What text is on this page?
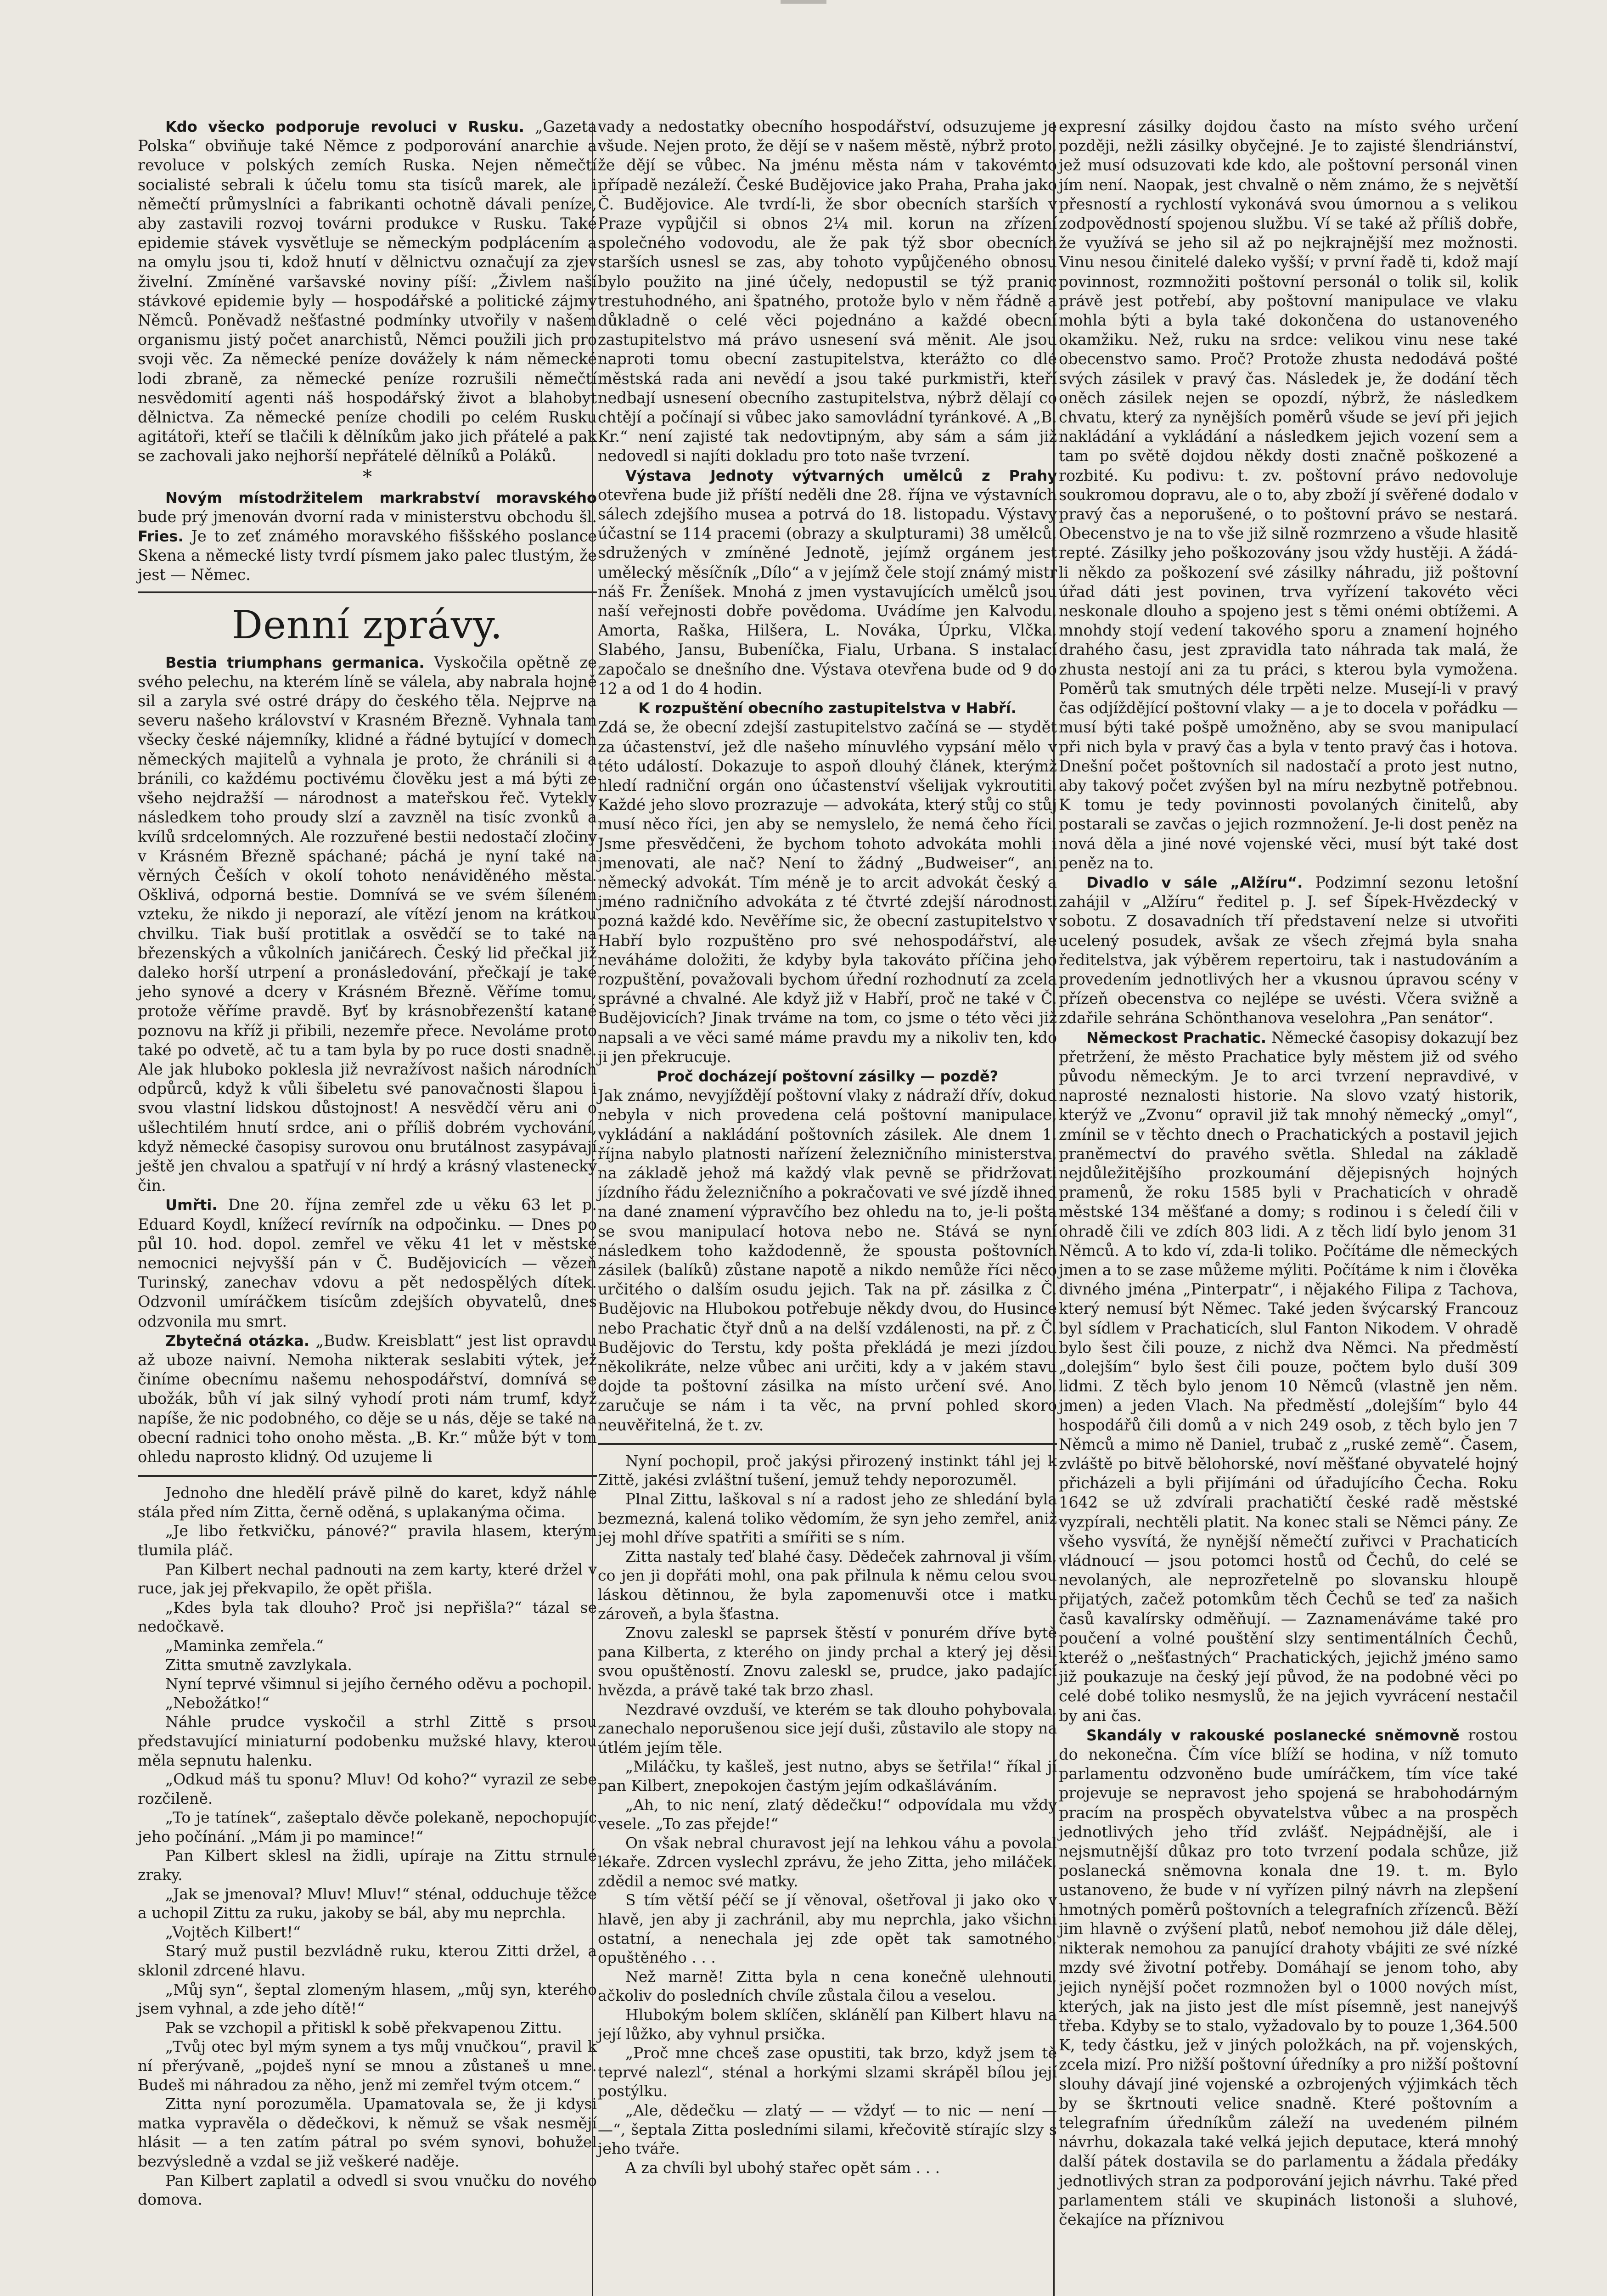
Kdo všecko podporuje revoluci v Rusku. „Gazeta Polska“ obviňuje také Němce z podporování anarchie a revoluce v polských zemích Ruska. Nejen němečtí socialisté sebrali k účelu tomu sta tisíců marek, ale i němečtí průmyslníci a fabrikanti ochotně dávali peníze, aby zastavili rozvoj továrni produkce v Rusku. Také epidemie stávek vysvětluje se německým podplácením a na omylu jsou ti, kdož hnutí v dělnictvu označují za zjev živelní. Zmíněné varšavské noviny píší: „Živlem naší stávkové epidemie byly — hospodářské a politické zájmy Němců. Poněvadž nešťastné podmínky utvořily v našem organismu jistý počet anarchistů, Němci použili jich pro svoji věc. Za německé peníze dovážely k nám německé lodi zbraně, za německé peníze rozrušili němečtí nesvědomití agenti náš hospodářský život a blahobyt dělnictva. Za německé peníze chodili po celém Rusku agitátoři, kteří se tlačili k dělníkům jako jich přátelé a pak se zachovali jako nejhorší nepřátelé dělníků a Poláků.

*

Novým místodržitelem markrabství moravského bude prý jmenován dvorní rada v ministerstvu obchodu šl. Fries. Je to zeť známého moravského fiššského poslance Skena a německé listy tvrdí písmem jako palec tlustým, že jest — Němec.

Denní zprávy.

Bestia triumphans germanica. Vyskočila opětně ze svého pelechu, na kterém líně se válela, aby nabrala hojně sil a zaryla své ostré drápy do českého těla. Nejprve na severu našeho království v Krasném Březně. Vyhnala tam všecky české nájemníky, klidné a řádné bytující v domech německých majitelů a vyhnala je proto, že chránili si a bránili, co každému poctivému člověku jest a má býti ze všeho nejdražší — národnost a mateřskou řeč. Vytekly následkem toho proudy slzí a zavzněl na tisíc zvonků a kvílů srdcelomných. Ale rozzuřené bestii nedostačí zločiny v Krásném Březně spáchané; páchá je nyní také na věrných Češích v okolí tohoto nenáviděného města. Ošklivá, odporná bestie. Domnívá se ve svém šíleném vzteku, že nikdo ji neporazí, ale vítězí jenom na krátkou chvilku. Tiak buší protitlak a osvědčí se to také na březenských a vůkolních janičárech. Český lid přečkal již daleko horší utrpení a pronásledování, přečkají je také jeho synové a dcery v Krásném Březně. Věříme tomu, protože věříme pravdě. Byť by krásnobřezenští katané poznovu na kříž ji přibili, nezemře přece. Nevoláme proto také po odvetě, ač tu a tam byla by po ruce dosti snadně. Ale jak hluboko poklesla již nevražívost našich národních odpůrců, když k vůli šibeletu své panovačnosti šlapou i svou vlastní lidskou důstojnost! A nesvědčí věru ani o ušlechtilém hnutí srdce, ani o příliš dobrém vychování, když německé časopisy surovou onu brutálnost zasypávají ještě jen chvalou a spatřují v ní hrdý a krásný vlastenecký čin.

Umřti. Dne 20. října zemřel zde u věku 63 let p. Eduard Koydl, knížecí revírník na odpočinku. — Dnes po půl 10. hod. dopol. zemřel ve věku 41 let v městské nemocnici nejvyšší pán v Č. Budějovicích — vězeň Turinský, zanechav vdovu a pět nedospělých dítek. Odzvonil umíráčkem tisícům zdejších obyvatelů, dnes odzvonila mu smrt.

Zbytečná otázka. „Budw. Kreisblatt“ jest list opravdu až uboze naivní. Nemoha nikterak seslabiti výtek, jež činíme obecnímu našemu nehospodářství, domnívá se ubožák, bůh ví jak silný vyhodí proti nám trumf, když napíše, že nic podobného, co děje se u nás, děje se také na obecní radnici toho onoho města. „B. Kr.“ může být v tom ohledu naprosto klidný. Od uzujeme li

Jednoho dne hledělí právě pilně do karet, když náhle stála před ním Zitta, černě oděná, s uplakanýma očima.

„Je libo řetkvičku, pánové?“ pravila hlasem, kterým tlumila pláč.

Pan Kilbert nechal padnouti na zem karty, které držel v ruce, jak jej překvapilo, že opět přišla.

„Kdes byla tak dlouho? Proč jsi nepřišla?“ tázal se nedočkavě.

„Maminka zemřela.“

Zitta smutně zavzlykala.

Nyní teprvé všimnul si jejího černého oděvu a pochopil.

„Nebožátko!“

Náhle prudce vyskočil a strhl Zittě s prsou představující miniaturní podobenku mužské hlavy, kterou měla sepnutu halenku.

„Odkud máš tu sponu? Mluv! Od koho?“ vyrazil ze sebe rozčileně.

„To je tatínek“, zašeptalo děvče polekaně, nepochopujíc jeho počínání. „Mám ji po mamince!“

Pan Kilbert sklesl na židli, upíraje na Zittu strnulé zraky.

„Jak se jmenoval? Mluv! Mluv!“ sténal, odduchuje těžce a uchopil Zittu za ruku, jakoby se bál, aby mu neprchla.

„Vojtěch Kilbert!“

Starý muž pustil bezvládně ruku, kterou Zitti držel, a sklonil zdrcené hlavu.

„Můj syn“, šeptal zlomeným hlasem, „můj syn, kterého jsem vyhnal, a zde jeho dítě!“

Pak se vzchopil a přitiskl k sobě překvapenou Zittu.

„Tvůj otec byl mým synem a tys můj vnučkou“, pravil k ní přerývaně, „pojdeš nyní se mnou a zůstaneš u mne. Budeš mi náhradou za něho, jenž mi zemřel tvým otcem.“

Zitta nyní porozuměla. Upamatovala se, že ji kdysi matka vypravěla o dědečkovi, k němuž se však nesmějí hlásit — a ten zatím pátral po svém synovi, bohužel bezvýsledně a vzdal se již veškeré naděje.

Pan Kilbert zaplatil a odvedl si svou vnučku do nového domova.

vady a nedostatky obecního hospodářství, odsuzujeme je všude. Nejen proto, že dějí se v našem městě, nýbrž proto, že dějí se vůbec. Na jménu města nám v takovémto případě nezáleží. České Budějovice jako Praha, Praha jako Č. Budějovice. Ale tvrdí-li, že sbor obecních starších v Praze vypůjčil si obnos 2¼ mil. korun na zřízení společného vodovodu, ale že pak týž sbor obecních starších usnesl se zas, aby tohoto vypůjčeného obnosu bylo použito na jiné účely, nedopustil se týž pranic trestuhodného, ani špatného, protože bylo v něm řádně a důkladně o celé věci pojednáno a každé obecní zastupitelstvo má právo usnesení svá měnit. Ale jsou naproti tomu obecní zastupitelstva, kterážto co dlé městská rada ani nevědí a jsou také purkmistři, kteří nedbají usnesení obecního zastupitelstva, nýbrž dělají co chtějí a počínají si vůbec jako samovládní tyránkové. A „B. Kr.“ není zajisté tak nedovtipným, aby sám a sám již nedovedl si najíti dokladu pro toto naše tvrzení.

Výstava Jednoty výtvarných umělců z Prahy otevřena bude již příští neděli dne 28. října ve výstavních sálech zdejšího musea a potrvá do 18. listopadu. Výstavy účastní se 114 pracemi (obrazy a skulpturami) 38 umělců, sdružených v zmíněné Jednotě, jejímž orgánem jest umělecký měsíčník „Dílo“ a v jejímž čele stojí známý mistr náš Fr. Ženíšek. Mnohá z jmen vystavujících umělců jsou naší veřejnosti dobře povědoma. Uvádíme jen Kalvodu, Amorta, Raška, Hilšera, L. Nováka, Úprku, Vlčka, Slabého, Jansu, Bubeníčka, Fialu, Urbana. S instalací započalo se dnešního dne. Výstava otevřena bude od 9 do 12 a od 1 do 4 hodin.

K rozpuštění obecního zastupitelstva v Habří.

Zdá se, že obecní zdejší zastupitelstvo začíná se — stydět za účastenství, jež dle našeho mínuvlého vypsání mělo v této událostí. Dokazuje to aspoň dlouhý článek, kterýmž hledí radniční orgán ono účastenství všelijak vykroutiti. Každé jeho slovo prozrazuje — advokáta, který stůj co stůj musí něco říci, jen aby se nemyslelo, že nemá čeho říci. Jsme přesvědčeni, že bychom tohoto advokáta mohli i jmenovati, ale nač? Není to žádný „Budweiser“, ani německý advokát. Tím méně je to arcit advokát český a jméno radničního advokáta z té čtvrté zdejší národnosti pozná každé kdo. Nevěříme sic, že obecní zastupitelstvo v Habří bylo rozpuštěno pro své nehospodářství, ale neváháme doložiti, že kdyby byla takováto příčina jeho rozpuštění, považovali bychom úřední rozhodnutí za zcela správné a chvalné. Ale když již v Habří, proč ne také v Č. Budějovicích? Jinak trváme na tom, co jsme o této věci již napsali a ve věci samé máme pravdu my a nikoliv ten, kdo ji jen překrucuje.

Proč docházejí poštovní zásilky — pozdě?

Jak známo, nevyjíždějí poštovní vlaky z nádraží dřív, dokud nebyla v nich provedena celá poštovní manipulace, vykládání a nakládání poštovních zásilek. Ale dnem 1. října nabylo platnosti nařízení železničního ministerstva, na základě jehož má každý vlak pevně se přidržovati jízdního řádu železničního a pokračovati ve své jízdě ihned na dané znamení výpravčího bez ohledu na to, je-li pošta se svou manipulací hotova nebo ne. Stává se nyní následkem toho každodenně, že spousta poštovních zásilek (balíků) zůstane napotě a nikdo nemůže říci něco určitého o dalším osudu jejich. Tak na př. zásilka z Č. Budějovic na Hlubokou potřebuje někdy dvou, do Husince nebo Prachatic čtyř dnů a na delší vzdálenosti, na př. z Č. Budějovic do Terstu, kdy pošta překládá je mezi jízdou několikráte, nelze vůbec ani určiti, kdy a v jakém stavu dojde ta poštovní zásilka na místo určení své. Ano, zaručuje se nám i ta věc, na první pohled skoro neuvěřitelná, že t. zv.

Nyní pochopil, proč jakýsi přirozený instinkt táhl jej k Zittě, jakési zvláštní tušení, jemuž tehdy neporozuměl.

Plnal Zittu, laškoval s ní a radost jeho ze shledání byla bezmezná, kalená toliko vědomím, že syn jeho zemřel, aniž jej mohl dříve spatřiti a smířiti se s ním.

Zitta nastaly teď blahé časy. Dědeček zahrnoval ji vším, co jen ji dopřáti mohl, ona pak přilnula k němu celou svou láskou dětinnou, že byla zapomenuvši otce i matku zároveň, a byla šťastna.

Znovu zaleskl se paprsek štěstí v ponurém dříve bytě pana Kilberta, z kterého on jindy prchal a který jej děsil svou opuštěností. Znovu zaleskl se, prudce, jako padající hvězda, a právě také tak brzo zhasl.

Nezdravé ovzduší, ve kterém se tak dlouho pohybovala, zanechalo neporušenou sice její duši, zůstavilo ale stopy na útlém jejím těle.

„Miláčku, ty kašleš, jest nutno, abys se šetřila!“ říkal jí pan Kilbert, znepokojen častým jejím odkašláváním.

„Ah, to nic není, zlatý dědečku!“ odpovídala mu vždy vesele. „To zas přejde!“

On však nebral churavost její na lehkou váhu a povolal lékaře. Zdrcen vyslechl zprávu, že jeho Zitta, jeho miláček, zdědil a nemoc své matky.

S tím větší péčí se jí věnoval, ošetřoval ji jako oko v hlavě, jen aby ji zachránil, aby mu neprchla, jako všichni ostatní, a nenechala jej zde opět tak samotného, opuštěného . . .

Než marně! Zitta byla n cena konečně ulehnouti, ačkoliv do posledních chvíle zůstala čilou a veselou.

Hlubokým bolem sklíčen, sklánělí pan Kilbert hlavu na její lůžko, aby vyhnul prsička.

„Proč mne chceš zase opustiti, tak brzo, když jsem tě teprvé nalezl“, sténal a horkými slzami skrápěl bílou její postýlku.

„Ale, dědečku — zlatý — — vždyť — to nic — není — —“, šeptala Zitta posledními silami, křečovitě stírajíc slzy s jeho tváře.

A za chvíli byl ubohý stařec opět sám . . .

expresní zásilky dojdou často na místo svého určení později, nežli zásilky obyčejné. Je to zajisté šlendriánství, jež musí odsuzovati kde kdo, ale poštovní personál vinen jím není. Naopak, jest chvalně o něm známo, že s největší přesností a rychlostí vykonává svou úmornou a s velikou zodpovědností spojenou službu. Ví se také až příliš dobře, že využívá se jeho sil až po nejkrajnější mez možnosti. Vinu nesou činitelé daleko vyšší; v první řadě ti, kdož mají povinnost, rozmnožiti poštovní personál o tolik sil, kolik právě jest potřebí, aby poštovní manipulace ve vlaku mohla býti a byla také dokončena do ustanoveného okamžiku. Než, ruku na srdce: velikou vinu nese také obecenstvo samo. Proč? Protože zhusta nedodává pošté svých zásilek v pravý čas. Následek je, že dodání těch oněch zásilek nejen se opozdí, nýbrž, že následkem chvatu, který za nynějších poměrů všude se jeví při jejich nakládání a vykládání a následkem jejich vození sem a tam po světě dojdou někdy dosti značně poškozené a rozbité. Ku podivu: t. zv. poštovní právo nedovoluje soukromou dopravu, ale o to, aby zboží jí svěřené dodalo v pravý čas a neporušené, o to poštovní právo se nestará. Obecenstvo je na to vše již silně rozmrzeno a všude hlasitě repté. Zásilky jeho poškozovány jsou vždy hustěji. A žádá-li někdo za poškození své zásilky náhradu, již poštovní úřad dáti jest povinen, trva vyřízení takovéto věci neskonale dlouho a spojeno jest s těmi onémi obtížemi. A mnohdy stojí vedení takového sporu a znamení hojného drahého času, jest zpravidla tato náhrada tak malá, že zhusta nestojí ani za tu práci, s kterou byla vymožena. Poměrů tak smutných déle trpěti nelze. Musejí-li v pravý čas odjíždějící poštovní vlaky — a je to docela v pořádku — musí býti také pošpě umožněno, aby se svou manipulací při nich byla v pravý čas a byla v tento pravý čas i hotova. Dnešní počet poštovních sil nadostačí a proto jest nutno, aby takový počet zvýšen byl na míru nezbytně potřebnou. K tomu je tedy povinnosti povolaných činitelů, aby postarali se zavčas o jejich rozmnožení. Je-li dost peněz na nová děla a jiné nové vojenské věci, musí být také dost peněz na to.

Divadlo v sále „Alžíru“. Podzimní sezonu letošní zahájil v „Alžíru“ ředitel p. J. sef Šípek-Hvězdecký v sobotu. Z dosavadních tří představení nelze si utvořiti ucelený posudek, avšak ze všech zřejmá byla snaha ředitelstva, jak výběrem repertoiru, tak i nastudováním a provedením jednotlivých her a vkusnou úpravou scény v přízeň obecenstva co nejlépe se uvésti. Včera svižně a zdařile sehrána Schönthanova veselohra „Pan senátor“.

Německost Prachatic. Německé časopisy dokazují bez přetržení, že město Prachatice byly městem již od svého původu německým. Je to arci tvrzení nepravdivé, v naprosté neznalosti historie. Na slovo vzatý historik, kterýž ve „Zvonu“ opravil již tak mnohý německý „omyl“, zmínil se v těchto dnech o Prachatických a postavil jejich praněmectví do pravého světla. Shledal na základě nejdůležitějšího prozkoumání dějepisných hojných pramenů, že roku 1585 byli v Prachaticích v ohradě městské 134 měšťané a domy; s rodinou i s čeledí čili v ohradě čili ve zdích 803 lidi. A z těch lidí bylo jenom 31 Němců. A to kdo ví, zda-li toliko. Počítáme dle německých jmen a to se zase můžeme mýliti. Počítáme k nim i člověka divného jména „Pinterpatr“, i nějakého Filipa z Tachova, který nemusí být Němec. Také jeden švýcarský Francouz byl sídlem v Prachaticích, slul Fanton Nikodem. V ohradě bylo šest čili pouze, z nichž dva Němci. Na předměstí „dolejším“ bylo šest čili pouze, počtem bylo duší 309 lidmi. Z těch bylo jenom 10 Němců (vlastně jen něm. jmen) a jeden Vlach. Na předměstí „dolejším“ bylo 44 hospodářů čili domů a v nich 249 osob, z těch bylo jen 7 Němců a mimo ně Daniel, trubač z „ruské země“. Časem, zvláště po bitvě bělohorské, noví měšťané obyvatelé hojný přicházeli a byli přijímáni od úřadujícího Čecha. Roku 1642 se už zdvírali prachatičtí české radě městské vyzpírali, nechtěli platit. Na konec stali se Němci pány. Ze všeho vysvítá, že nynější němečtí zuřivci v Prachaticích vládnoucí — jsou potomci hostů od Čechů, do celé se nevolaných, ale neprozřetelně po slovansku hloupě přijatých, začež potomkům těch Čechů se teď za našich časů kavalírsky odměňují. — Zaznamenáváme také pro poučení a volné pouštění slzy sentimentálních Čechů, kteréž o „nešťastných“ Prachatických, jejichž jméno samo již poukazuje na český její původ, že na podobné věci po celé dobé toliko nesmyslů, že na jejich vyvrácení nestačil by ani čas.

Skandály v rakouské poslanecké sněmovně rostou do nekonečna. Čím více blíží se hodina, v níž tomuto parlamentu odzvoněno bude umíráčkem, tím více také projevuje se nepravost jeho spojená se hrabohodárným pracím na prospěch obyvatelstva vůbec a na prospěch jednotlivých jeho tříd zvlášť. Nejpádnější, ale i nejsmutnější důkaz pro toto tvrzení podala schůze, již poslanecká sněmovna konala dne 19. t. m. Bylo ustanoveno, že bude v ní vyřízen pilný návrh na zlepšení hmotných poměrů poštovních a telegrafních zřízenců. Běží jim hlavně o zvýšení platů, neboť nemohou již dále dělej, nikterak nemohou za panující drahoty vbájiti ze své nízké mzdy své životní potřeby. Domáhají se jenom toho, aby jejich nynější počet rozmnožen byl o 1000 nových míst, kterých, jak na jisto jest dle míst písemně, jest nanejvýš třeba. Kdyby se to stalo, vyžadovalo by to pouze 1,364.500 K, tedy částku, jež v jiných položkách, na př. vojenských, zcela mizí. Pro nižší poštovní úředníky a pro nižší poštovní slouhy dávají jiné vojenské a ozbrojených výjimkách těch by se škrtnouti velice snadně. Které poštovním a telegrafním úředníkům záleží na uvedeném pilném návrhu, dokazala také velká jejich deputace, která mnohý další pátek dostavila se do parlamentu a žádala předáky jednotlivých stran za podporování jejich návrhu. Také před parlamentem stáli ve skupinách listonoši a sluhové, čekajíce na příznivou
